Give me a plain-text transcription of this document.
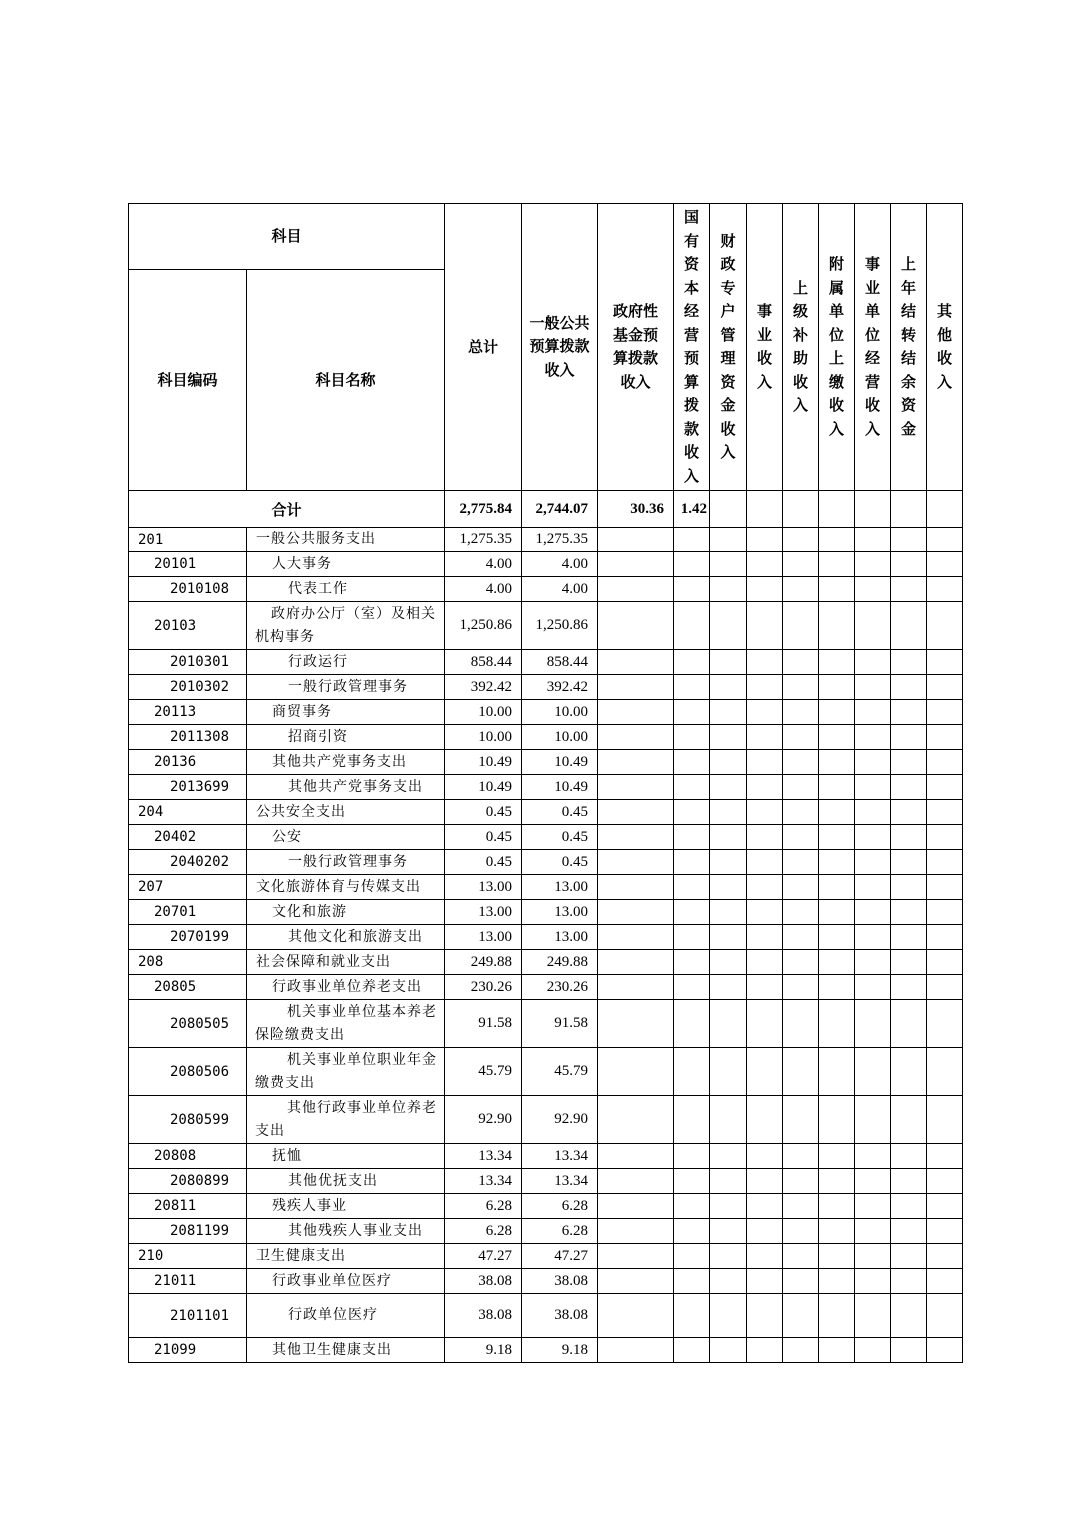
科目		总计	一般公共预算拨款收入	政府性基金预算拨款收入	国有资本经营预算拨款收入	财政专户管理资金收入	事业收入	上级补助收入	附属单位上缴收入	事业单位经营收入	上年结转结余资金	其他收入
科目编码	科目名称											
合计		2,775.84	2,744.07	30.36	1.42							
201	一般公共服务支出	1,275.35	1,275.35									
20101	人大事务	4.00	4.00									
2010108	代表工作	4.00	4.00									
20103	政府办公厅（室）及相关机构事务	1,250.86	1,250.86									
2010301	行政运行	858.44	858.44									
2010302	一般行政管理事务	392.42	392.42									
20113	商贸事务	10.00	10.00									
2011308	招商引资	10.00	10.00									
20136	其他共产党事务支出	10.49	10.49									
2013699	其他共产党事务支出	10.49	10.49									
204	公共安全支出	0.45	0.45									
20402	公安	0.45	0.45									
2040202	一般行政管理事务	0.45	0.45									
207	文化旅游体育与传媒支出	13.00	13.00									
20701	文化和旅游	13.00	13.00									
2070199	其他文化和旅游支出	13.00	13.00									
208	社会保障和就业支出	249.88	249.88									
20805	行政事业单位养老支出	230.26	230.26									
2080505	机关事业单位基本养老保险缴费支出	91.58	91.58									
2080506	机关事业单位职业年金缴费支出	45.79	45.79									
2080599	其他行政事业单位养老支出	92.90	92.90									
20808	抚恤	13.34	13.34									
2080899	其他优抚支出	13.34	13.34									
20811	残疾人事业	6.28	6.28									
2081199	其他残疾人事业支出	6.28	6.28									
210	卫生健康支出	47.27	47.27									
21011	行政事业单位医疗	38.08	38.08									
2101101	行政单位医疗	38.08	38.08									
21099	其他卫生健康支出	9.18	9.18									
